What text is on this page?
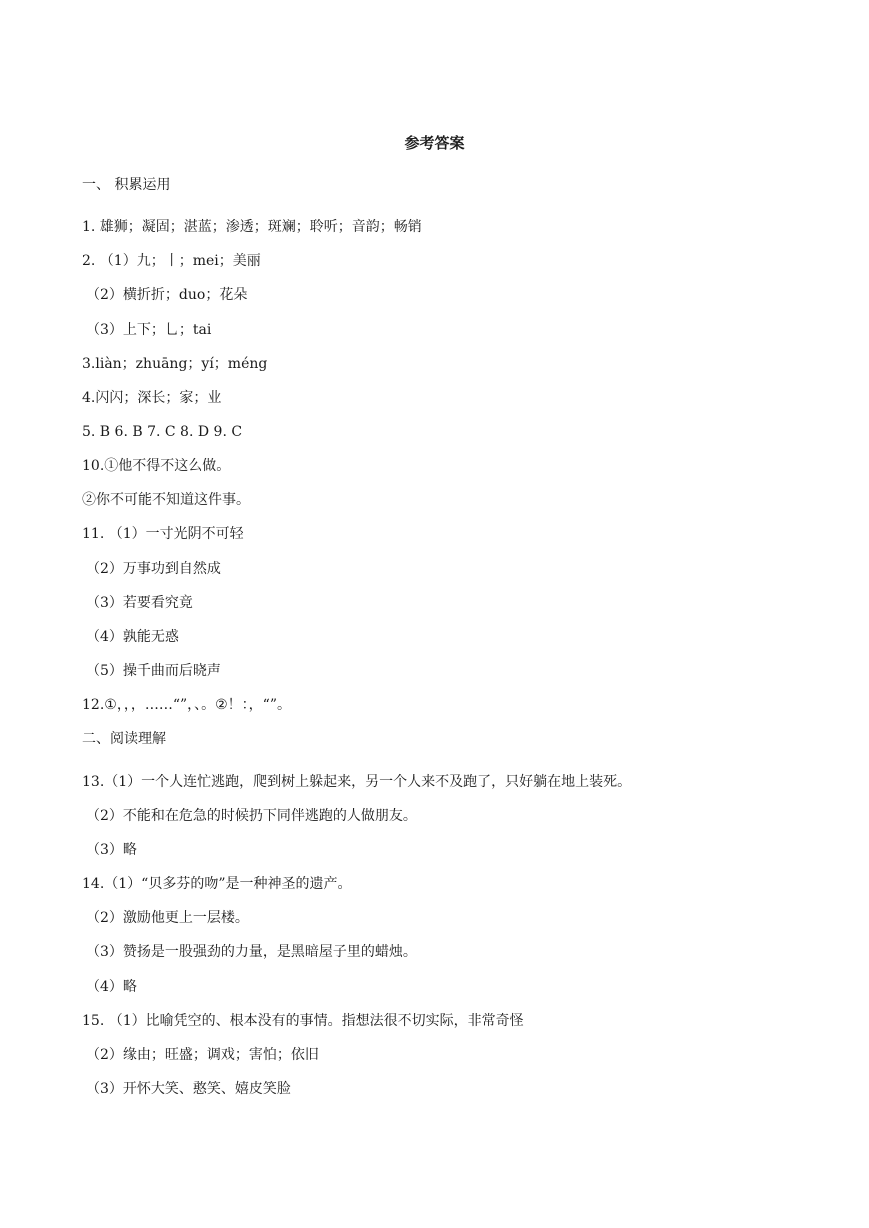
参考答案
一、 积累运用
1. 雄狮；凝固；湛蓝；渗透；斑斓；聆听；音韵；畅销
2. （1）九；丨；mei；美丽
（2）横折折；duo；花朵
（3）上下；乚；tai
3.liàn；zhuāng；yí；méng
4.闪闪；深长；家；业
5. B 6. B 7. C 8. D 9. C
10.①他不得不这么做。
②你不可能不知道这件事。
11. （1）一寸光阴不可轻
（2）万事功到自然成
（3）若要看究竟
（4）孰能无惑
（5）操千曲而后晓声
12.①，，，……“”，、。②！：，“”。
二、阅读理解
13.（1）一个人连忙逃跑，爬到树上躲起来，另一个人来不及跑了，只好躺在地上装死。
（2）不能和在危急的时候扔下同伴逃跑的人做朋友。
（3）略
14.（1）“贝多芬的吻”是一种神圣的遗产。
（2）激励他更上一层楼。
（3）赞扬是一股强劲的力量，是黑暗屋子里的蜡烛。
（4）略
15. （1）比喻凭空的、根本没有的事情。指想法很不切实际，非常奇怪
（2）缘由；旺盛；调戏；害怕；依旧
（3）开怀大笑、憨笑、嬉皮笑脸
